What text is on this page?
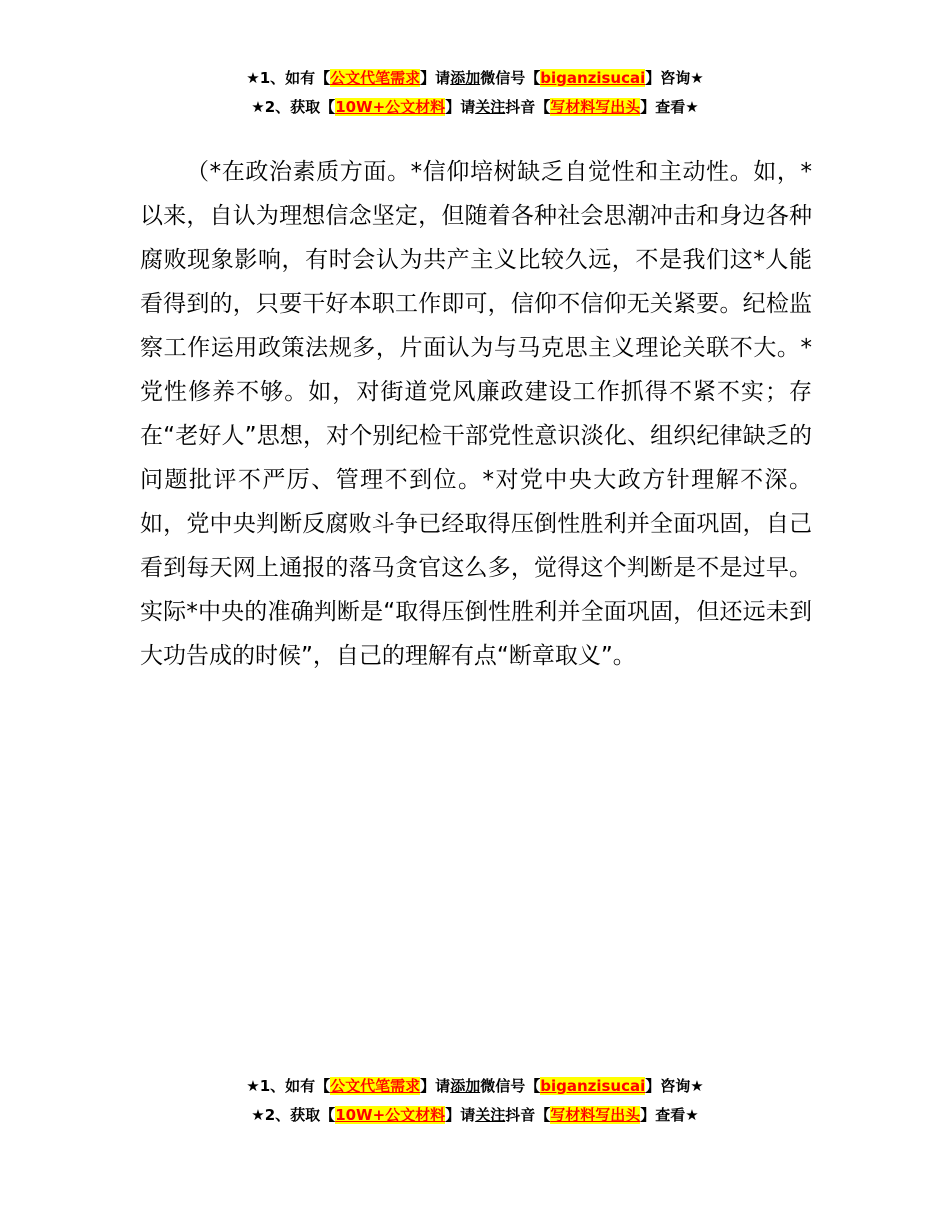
★1、如有【公文代笔需求】请添加微信号【biganzisucai】咨询★
★2、获取【10W+公文材料】请关注抖音【写材料写出头】查看★
（*在政治素质方面。*信仰培树缺乏自觉性和主动性。如，*以来，自认为理想信念坚定，但随着各种社会思潮冲击和身边各种腐败现象影响，有时会认为共产主义比较久远，不是我们这*人能看得到的，只要干好本职工作即可，信仰不信仰无关紧要。纪检监察工作运用政策法规多，片面认为与马克思主义理论关联不大。*党性修养不够。如，对街道党风廉政建设工作抓得不紧不实；存在“老好人”思想，对个别纪检干部党性意识淡化、组织纪律缺乏的问题批评不严厉、管理不到位。*对党中央大政方针理解不深。如，党中央判断反腐败斗争已经取得压倒性胜利并全面巩固，自己看到每天网上通报的落马贪官这么多，觉得这个判断是不是过早。实际*中央的准确判断是“取得压倒性胜利并全面巩固，但还远未到大功告成的时候”，自己的理解有点“断章取义”。
★1、如有【公文代笔需求】请添加微信号【biganzisucai】咨询★
★2、获取【10W+公文材料】请关注抖音【写材料写出头】查看★
